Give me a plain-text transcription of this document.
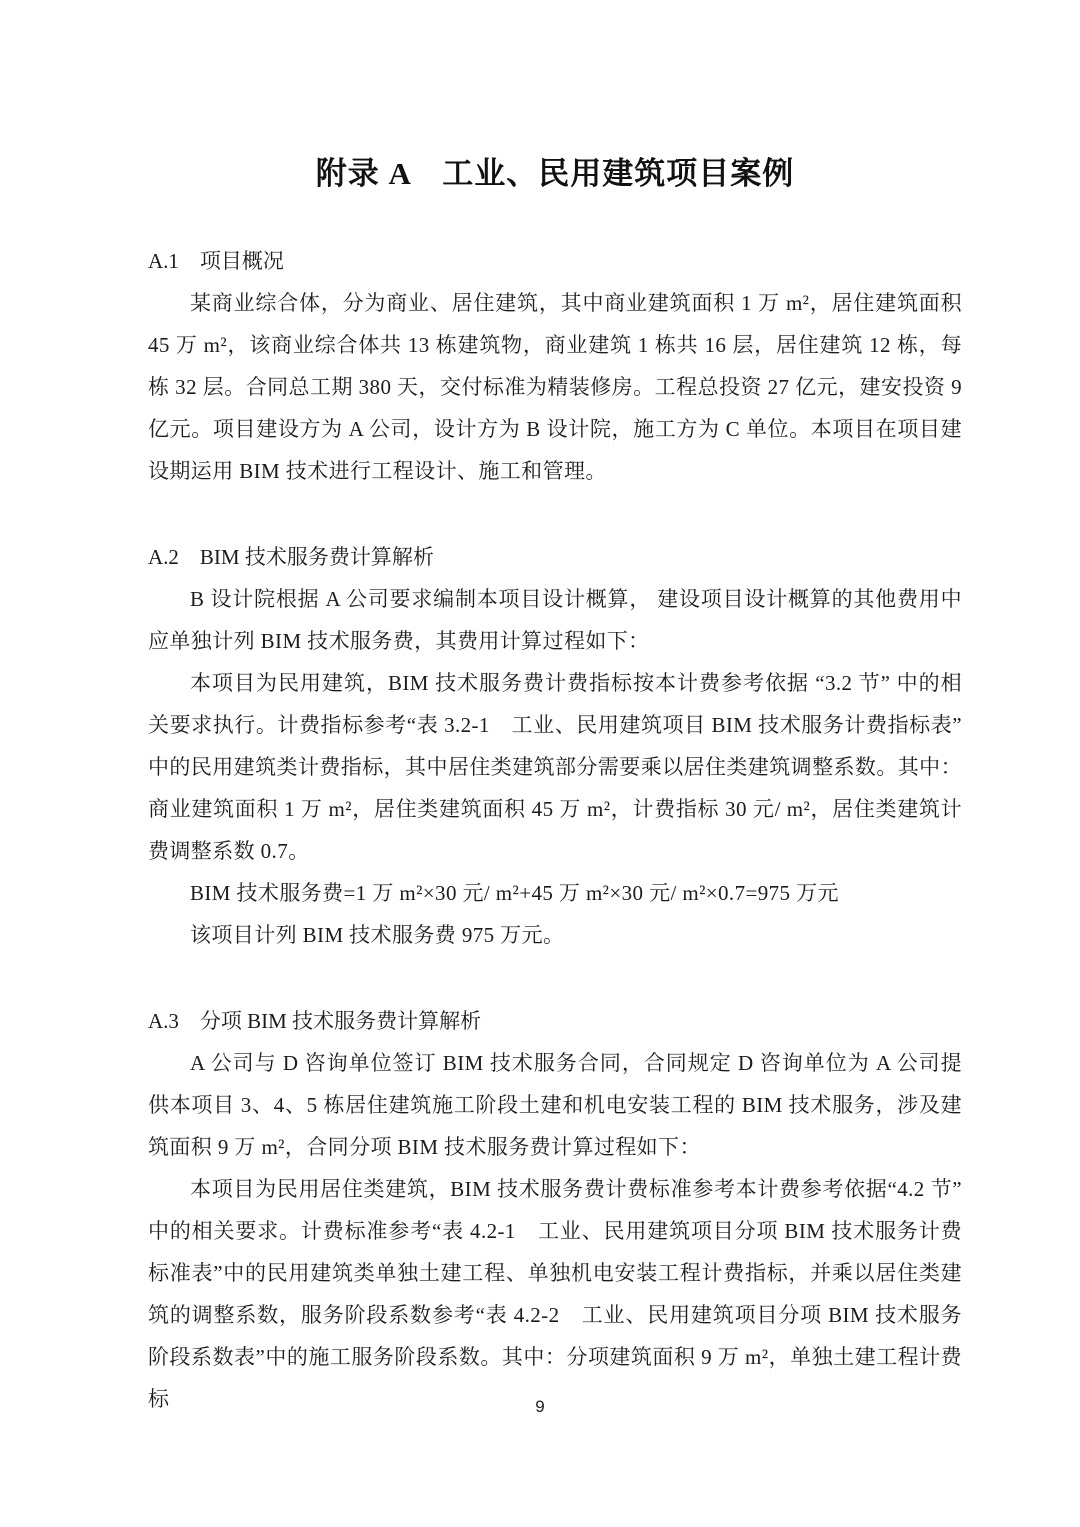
附录 A　工业、民用建筑项目案例
A.1　项目概况

某商业综合体，分为商业、居住建筑，其中商业建筑面积 1 万 m²，居住建筑面积 45 万 m²，该商业综合体共 13 栋建筑物，商业建筑 1 栋共 16 层，居住建筑 12 栋，每栋 32 层。合同总工期 380 天，交付标准为精装修房。工程总投资 27 亿元，建安投资 9 亿元。项目建设方为 A 公司，设计方为 B 设计院，施工方为 C 单位。本项目在项目建设期运用 BIM 技术进行工程设计、施工和管理。

A.2　BIM 技术服务费计算解析

B 设计院根据 A 公司要求编制本项目设计概算， 建设项目设计概算的其他费用中应单独计列 BIM 技术服务费，其费用计算过程如下：

本项目为民用建筑，BIM 技术服务费计费指标按本计费参考依据 “3.2 节” 中的相关要求执行。计费指标参考“表 3.2-1　工业、民用建筑项目 BIM 技术服务计费指标表”中的民用建筑类计费指标，其中居住类建筑部分需要乘以居住类建筑调整系数。其中：商业建筑面积 1 万 m²，居住类建筑面积 45 万 m²，计费指标 30 元/ m²，居住类建筑计费调整系数 0.7。

BIM 技术服务费=1 万 m²×30 元/ m²+45 万 m²×30 元/ m²×0.7=975 万元

该项目计列 BIM 技术服务费 975 万元。

A.3　分项 BIM 技术服务费计算解析

A 公司与 D 咨询单位签订 BIM 技术服务合同，合同规定 D 咨询单位为 A 公司提供本项目 3、4、5 栋居住建筑施工阶段土建和机电安装工程的 BIM 技术服务，涉及建筑面积 9 万 m²，合同分项 BIM 技术服务费计算过程如下：

本项目为民用居住类建筑，BIM 技术服务费计费标准参考本计费参考依据“4.2 节”中的相关要求。计费标准参考“表 4.2-1　工业、民用建筑项目分项 BIM 技术服务计费标准表”中的民用建筑类单独土建工程、单独机电安装工程计费指标，并乘以居住类建筑的调整系数，服务阶段系数参考“表 4.2-2　工业、民用建筑项目分项 BIM 技术服务阶段系数表”中的施工服务阶段系数。其中：分项建筑面积 9 万 m²，单独土建工程计费标	9
